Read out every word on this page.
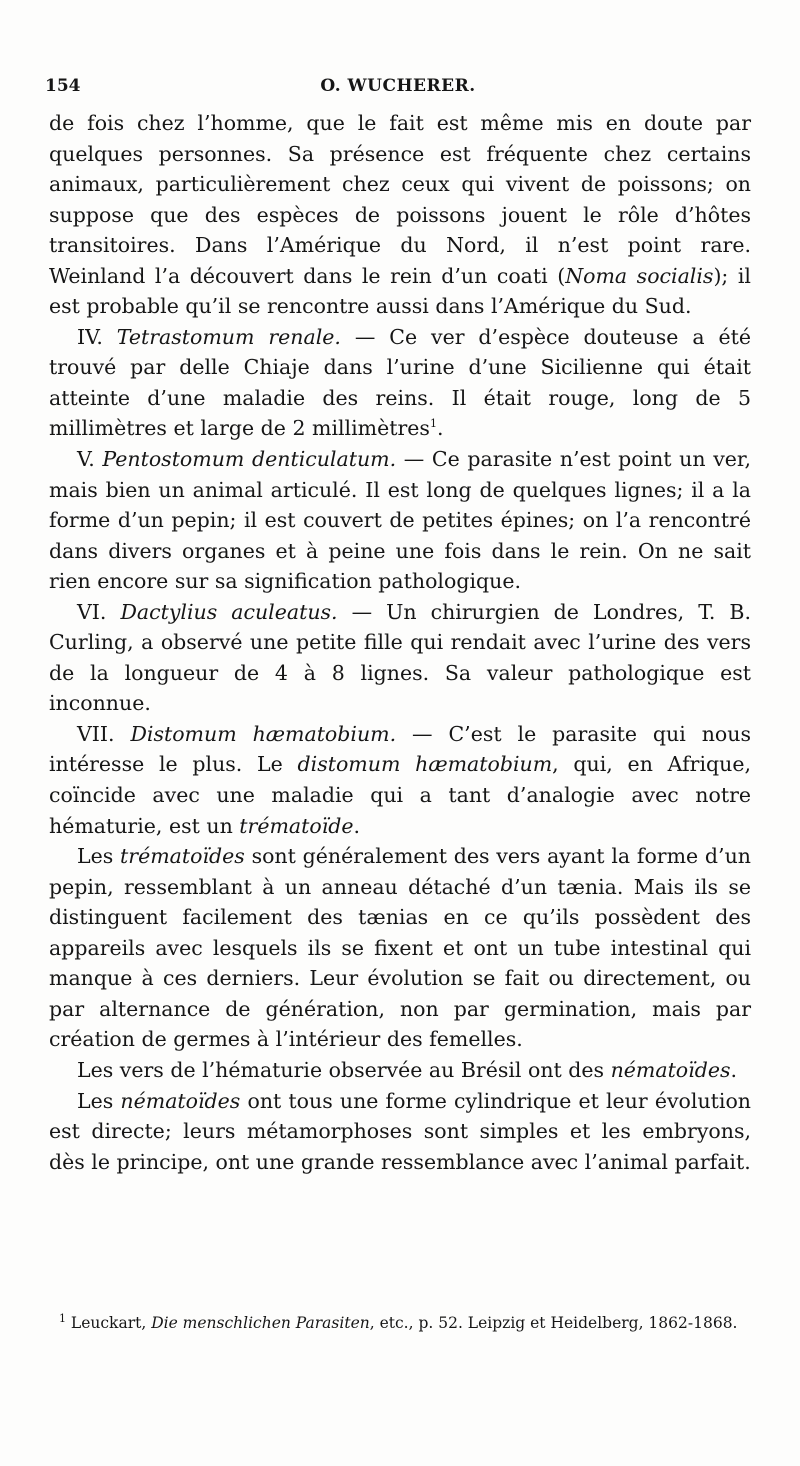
154	O. WUCHERER.

de fois chez l’homme, que le fait est même mis en doute par quelques personnes. Sa présence est fréquente chez certains animaux, particulièrement chez ceux qui vivent de poissons; on suppose que des espèces de poissons jouent le rôle d’hôtes transitoires. Dans l’Amérique du Nord, il n’est point rare. Weinland l’a découvert dans le rein d’un coati (Noma socialis); il est probable qu’il se rencontre aussi dans l’Amérique du Sud.

IV. Tetrastomum renale. — Ce ver d’espèce douteuse a été trouvé par delle Chiaje dans l’urine d’une Sicilienne qui était atteinte d’une maladie des reins. Il était rouge, long de 5 millimètres et large de 2 millimètres$^1$.

V. Pentostomum denticulatum. — Ce parasite n’est point un ver, mais bien un animal articulé. Il est long de quelques lignes; il a la forme d’un pepin; il est couvert de petites épines; on l’a rencontré dans divers organes et à peine une fois dans le rein. On ne sait rien encore sur sa signification pathologique.

VI. Dactylius aculeatus. — Un chirurgien de Londres, T. B. Curling, a observé une petite fille qui rendait avec l’urine des vers de la longueur de 4 à 8 lignes. Sa valeur pathologique est inconnue.

VII. Distomum hæmatobium. — C’est le parasite qui nous intéresse le plus. Le distomum hæmatobium, qui, en Afrique, coïncide avec une maladie qui a tant d’analogie avec notre hématurie, est un trématoïde.

Les trématoïdes sont généralement des vers ayant la forme d’un pepin, ressemblant à un anneau détaché d’un tænia. Mais ils se distinguent facilement des tænias en ce qu’ils possèdent des appareils avec lesquels ils se fixent et ont un tube intestinal qui manque à ces derniers. Leur évolution se fait ou directement, ou par alternance de génération, non par germination, mais par création de germes à l’intérieur des femelles.

Les vers de l’hématurie observée au Brésil ont des nématoïdes.

Les nématoïdes ont tous une forme cylindrique et leur évolution est directe; leurs métamorphoses sont simples et les embryons, dès le principe, ont une grande ressemblance avec l’animal parfait.

$^1$ Leuckart, Die menschlichen Parasiten, etc., p. 52. Leipzig et Heidelberg, 1862-1868.
